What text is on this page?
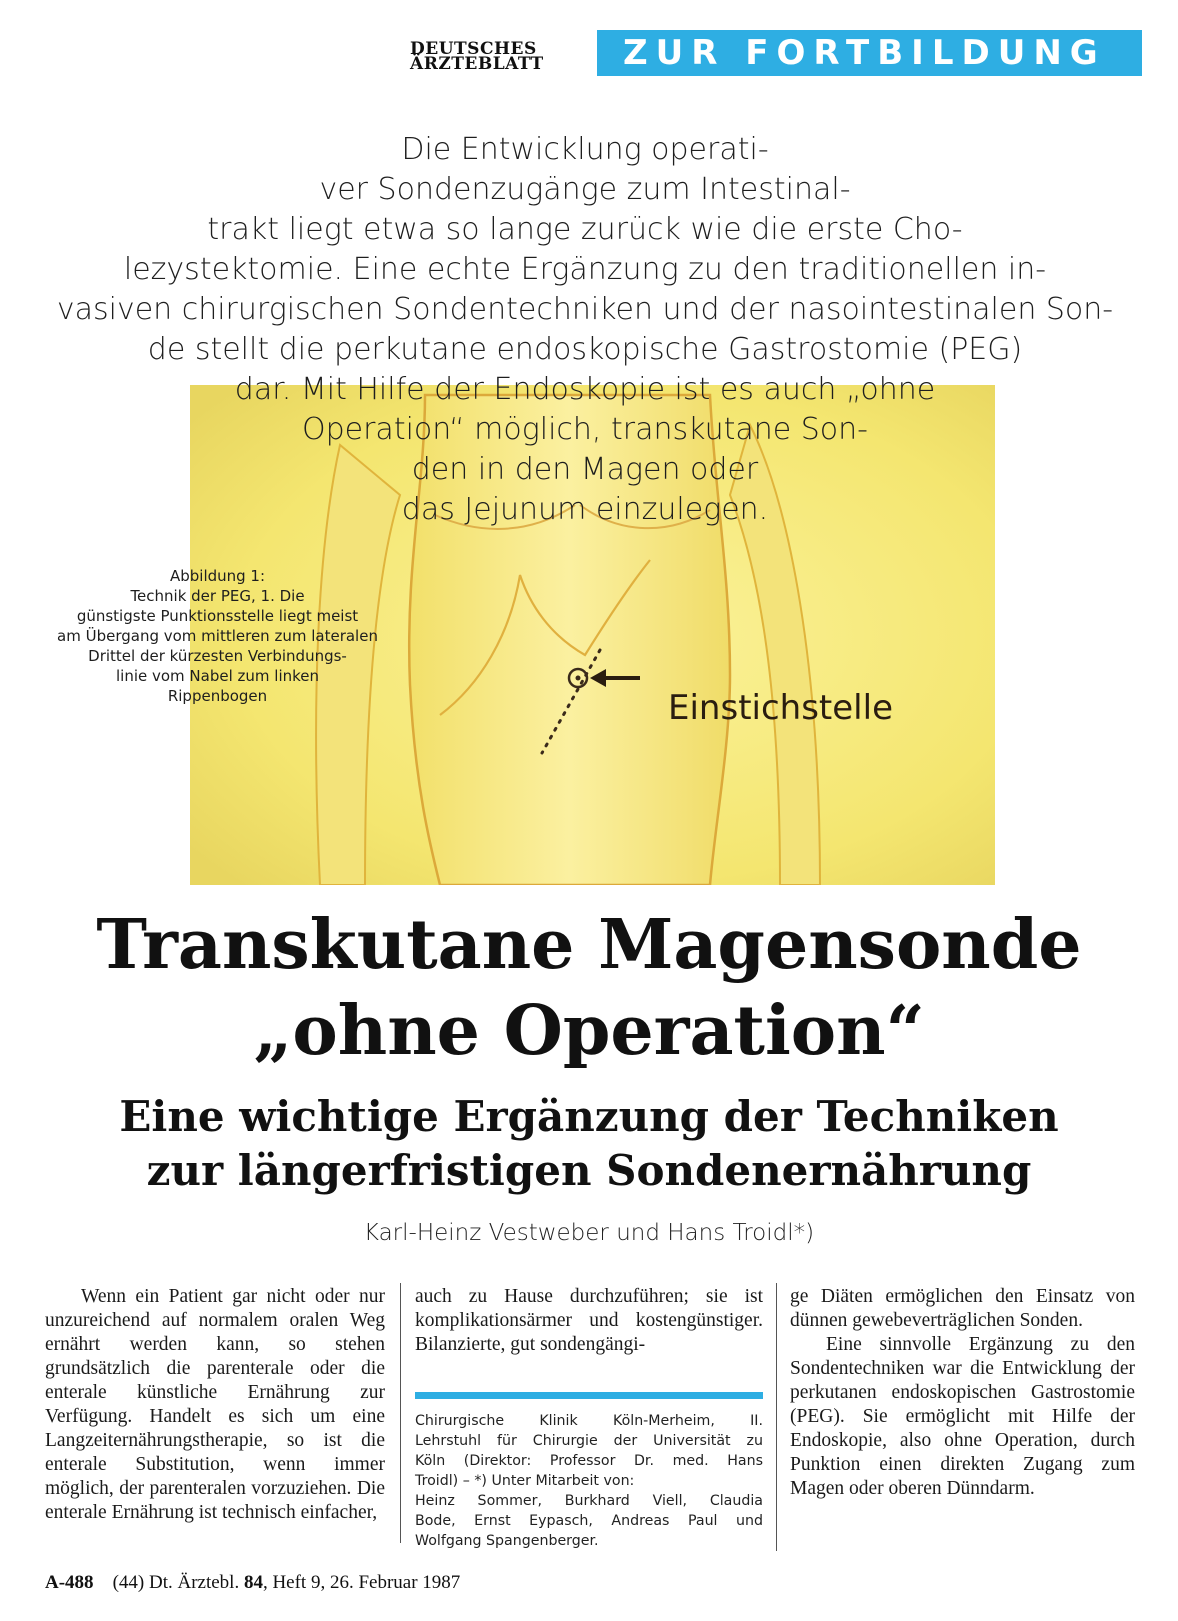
DEUTSCHES
ÄRZTEBLATT	ZUR FORTBILDUNG
Die Entwicklung operati-
ver Sondenzugänge zum Intestinal-
trakt liegt etwa so lange zurück wie die erste Cho-
lezystektomie. Eine echte Ergänzung zu den traditionellen in-
vasiven chirurgischen Sondentechniken und der nasointestinalen Son-
de stellt die perkutane endoskopische Gastrostomie (PEG)
dar. Mit Hilfe der Endoskopie ist es auch „ohne
Operation“ möglich, transkutane Son-
den in den Magen oder
das Jejunum einzulegen.
Abbildung 1:
Technik der PEG, 1. Die
günstigste Punktionsstelle liegt meist
am Übergang vom mittleren zum lateralen
Drittel der kürzesten Verbindungs-
linie vom Nabel zum linken
Rippenbogen	Einstichstelle
Transkutane Magensonde
„ohne Operation“
Eine wichtige Ergänzung der Techniken
zur längerfristigen Sondenernährung
Karl-Heinz Vestweber und Hans Troidl*)

Wenn ein Patient gar nicht oder nur unzureichend auf normalem oralen Weg ernährt werden kann, so stehen grundsätzlich die parenterale oder die enterale künstliche Ernährung zur Verfügung. Handelt es sich um eine Langzeiternährungstherapie, so ist die enterale Substitution, wenn immer möglich, der parenteralen vorzuziehen. Die enterale Ernährung ist technisch einfacher,

auch zu Hause durchzuführen; sie ist komplikationsärmer und kostengünstiger. Bilanzierte, gut sondengängi-

Chirurgische Klinik Köln-Merheim, II.
Lehrstuhl für Chirurgie der Universität zu
Köln (Direktor: Professor Dr. med. Hans
Troidl) – *) Unter Mitarbeit von:
Heinz Sommer, Burkhard Viell, Claudia
Bode, Ernst Eypasch, Andreas Paul und
Wolfgang Spangenberger.

ge Diäten ermöglichen den Einsatz von dünnen gewebeverträglichen Sonden.

Eine sinnvolle Ergänzung zu den Sondentechniken war die Entwicklung der perkutanen endoskopischen Gastrostomie (PEG). Sie ermöglicht mit Hilfe der Endoskopie, also ohne Operation, durch Punktion einen direkten Zugang zum Magen oder oberen Dünndarm.

A-488 (44) Dt. Ärztebl. 84, Heft 9, 26. Februar 1987
